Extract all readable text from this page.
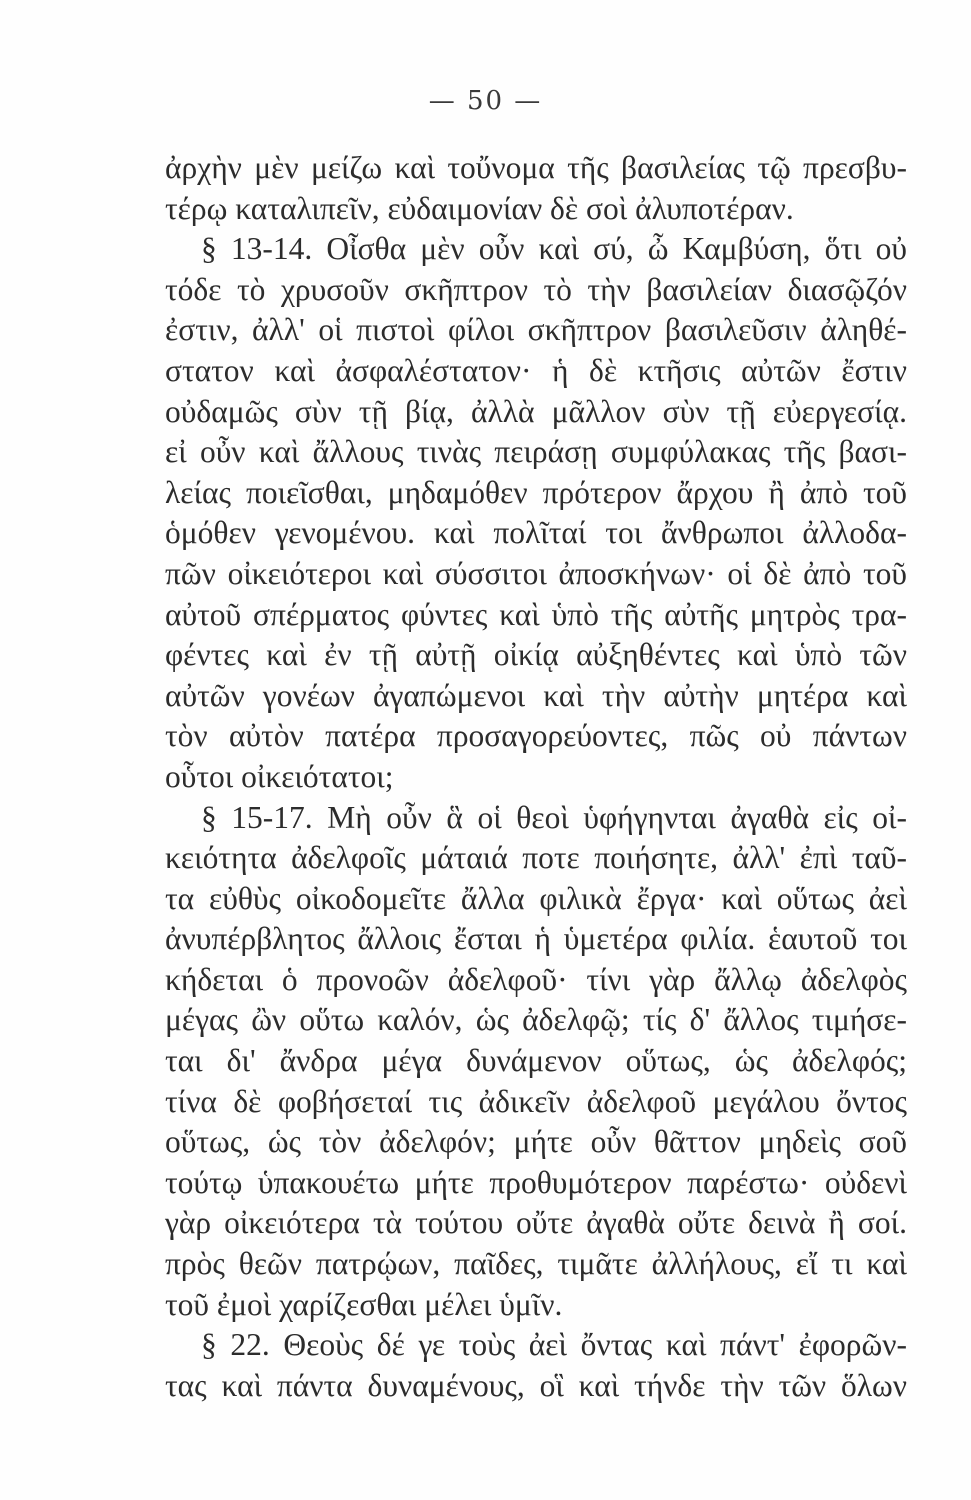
— 50 —
ἀρχὴν μὲν μείζω καὶ τοὔνομα τῆς βασιλείας τῷ πρεσβυ-
τέρῳ καταλιπεῖν, εὐδαιμονίαν δὲ σοὶ ἀλυποτέραν.
§ 13-14. Οἶσθα μὲν οὖν καὶ σύ, ὦ Καμβύση, ὅτι οὐ
τόδε τὸ χρυσοῦν σκῆπτρον τὸ τὴν βασιλείαν διασῷζόν
ἐστιν, ἀλλ' οἱ πιστοὶ φίλοι σκῆπτρον βασιλεῦσιν ἀληθέ-
στατον καὶ ἀσφαλέστατον· ἡ δὲ κτῆσις αὐτῶν ἔστιν
οὐδαμῶς σὺν τῇ βίᾳ, ἀλλὰ μᾶλλον σὺν τῇ εὐεργεσίᾳ.
εἰ οὖν καὶ ἄλλους τινὰς πειράσῃ συμφύλακας τῆς βασι-
λείας ποιεῖσθαι, μηδαμόθεν πρότερον ἄρχου ἢ ἀπὸ τοῦ
ὁμόθεν γενομένου. καὶ πολῖταί τοι ἄνθρωποι ἀλλοδα-
πῶν οἰκειότεροι καὶ σύσσιτοι ἀποσκήνων· οἱ δὲ ἀπὸ τοῦ
αὐτοῦ σπέρματος φύντες καὶ ὑπὸ τῆς αὐτῆς μητρὸς τρα-
φέντες καὶ ἐν τῇ αὐτῇ οἰκίᾳ αὐξηθέντες καὶ ὑπὸ τῶν
αὐτῶν γονέων ἀγαπώμενοι καὶ τὴν αὐτὴν μητέρα καὶ
τὸν αὐτὸν πατέρα προσαγορεύοντες, πῶς οὐ πάντων
οὗτοι οἰκειότατοι;
§ 15-17. Μὴ οὖν ἃ οἱ θεοὶ ὑφήγηνται ἀγαθὰ εἰς οἰ-
κειότητα ἀδελφοῖς μάταιά ποτε ποιήσητε, ἀλλ' ἐπὶ ταῦ-
τα εὐθὺς οἰκοδομεῖτε ἄλλα φιλικὰ ἔργα· καὶ οὕτως ἀεὶ
ἀνυπέρβλητος ἄλλοις ἔσται ἡ ὑμετέρα φιλία. ἑαυτοῦ τοι
κήδεται ὁ προνοῶν ἀδελφοῦ· τίνι γὰρ ἄλλῳ ἀδελφὸς
μέγας ὢν οὕτω καλόν, ὡς ἀδελφῷ; τίς δ' ἄλλος τιμήσε-
ται δι' ἄνδρα μέγα δυνάμενον οὕτως, ὡς ἀδελφός;
τίνα δὲ φοβήσεταί τις ἀδικεῖν ἀδελφοῦ μεγάλου ὄντος
οὕτως, ὡς τὸν ἀδελφόν; μήτε οὖν θᾶττον μηδεὶς σοῦ
τούτῳ ὑπακουέτω μήτε προθυμότερον παρέστω· οὐδενὶ
γὰρ οἰκειότερα τὰ τούτου οὔτε ἀγαθὰ οὔτε δεινὰ ἢ σοί.
πρὸς θεῶν πατρῴων, παῖδες, τιμᾶτε ἀλλήλους, εἴ τι καὶ
τοῦ ἐμοὶ χαρίζεσθαι μέλει ὑμῖν.
§ 22. Θεοὺς δέ γε τοὺς ἀεὶ ὄντας καὶ πάντ' ἐφορῶν-
τας καὶ πάντα δυναμένους, οἳ καὶ τήνδε τὴν τῶν ὅλων
